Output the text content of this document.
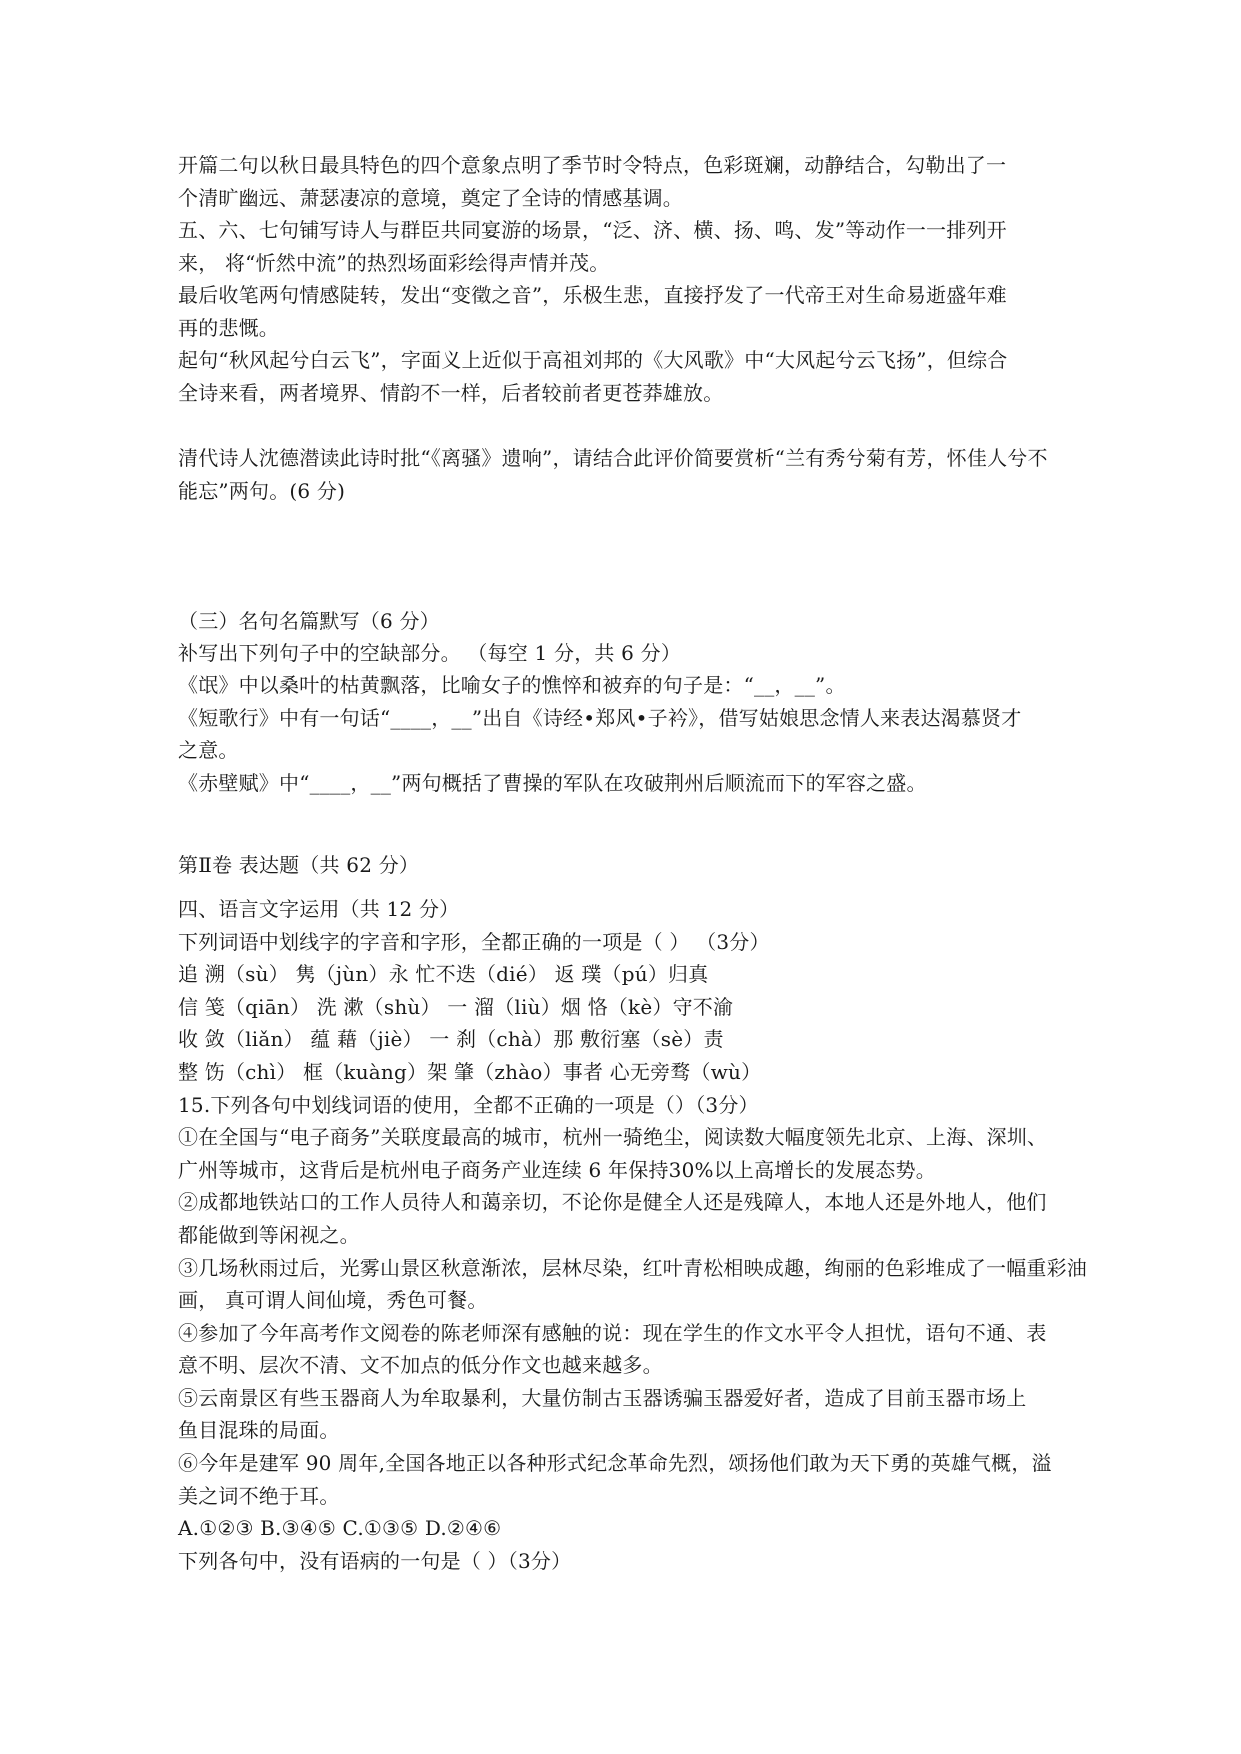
开篇二句以秋日最具特色的四个意象点明了季节时令特点，色彩斑斓，动静结合，勾勒出了一
个清旷幽远、萧瑟凄凉的意境，奠定了全诗的情感基调。
五、六、七句铺写诗人与群臣共同宴游的场景，“泛、济、横、扬、鸣、发”等动作一一排列开
来， 将“忻然中流”的热烈场面彩绘得声情并茂。
最后收笔两句情感陡转，发出“变徵之音”，乐极生悲，直接抒发了一代帝王对生命易逝盛年难
再的悲慨。
起句“秋风起兮白云飞”，字面义上近似于高祖刘邦的《大风歌》中“大风起兮云飞扬”，但综合
全诗来看，两者境界、情韵不一样，后者较前者更苍莽雄放。
清代诗人沈德潜读此诗时批“《离骚》遗响”，请结合此评价简要赏析“兰有秀兮菊有芳，怀佳人兮不
能忘”两句。(6 分)
（三）名句名篇默写（6 分）
补写出下列句子中的空缺部分。 （每空 1 分，共 6 分）
《氓》中以桑叶的枯黄飘落，比喻女子的憔悴和被弃的句子是：“__，__”。
《短歌行》中有一句话“____，__”出自《诗经•郑风•子衿》，借写姑娘思念情人来表达渴慕贤才
之意。
《赤壁赋》中“____，__”两句概括了曹操的军队在攻破荆州后顺流而下的军容之盛。
第Ⅱ卷 表达题（共 62 分）
四、语言文字运用（共 12 分）
下列词语中划线字的字音和字形，全都正确的一项是（ ） （3分）
追 溯（sù） 隽（jùn）永 忙不迭（dié） 返 璞（pú）归真
信 笺（qiān） 洗 漱（shù） 一 溜（liù）烟 恪（kè）守不渝
收 敛（liǎn） 蕴 藉（jiè） 一 刹（chà）那 敷衍塞（sè）责
整 饬（chì） 框（kuàng）架 肇（zhào）事者 心无旁骛（wù）
15.下列各句中划线词语的使用，全都不正确的一项是（）（3分）
①在全国与“电子商务”关联度最高的城市，杭州一骑绝尘，阅读数大幅度领先北京、上海、深圳、
广州等城市，这背后是杭州电子商务产业连续 6 年保持30%以上高增长的发展态势。
②成都地铁站口的工作人员待人和蔼亲切，不论你是健全人还是残障人，本地人还是外地人，他们
都能做到等闲视之。
③几场秋雨过后，光雾山景区秋意渐浓，层林尽染，红叶青松相映成趣，绚丽的色彩堆成了一幅重彩油
画， 真可谓人间仙境，秀色可餐。
④参加了今年高考作文阅卷的陈老师深有感触的说：现在学生的作文水平令人担忧，语句不通、表
意不明、层次不清、文不加点的低分作文也越来越多。
⑤云南景区有些玉器商人为牟取暴利，大量仿制古玉器诱骗玉器爱好者，造成了目前玉器市场上
鱼目混珠的局面。
⑥今年是建军 90 周年,全国各地正以各种形式纪念革命先烈，颂扬他们敢为天下勇的英雄气概，溢
美之词不绝于耳。
A.①②③ B.③④⑤ C.①③⑤ D.②④⑥
下列各句中，没有语病的一句是（ ）（3分）
